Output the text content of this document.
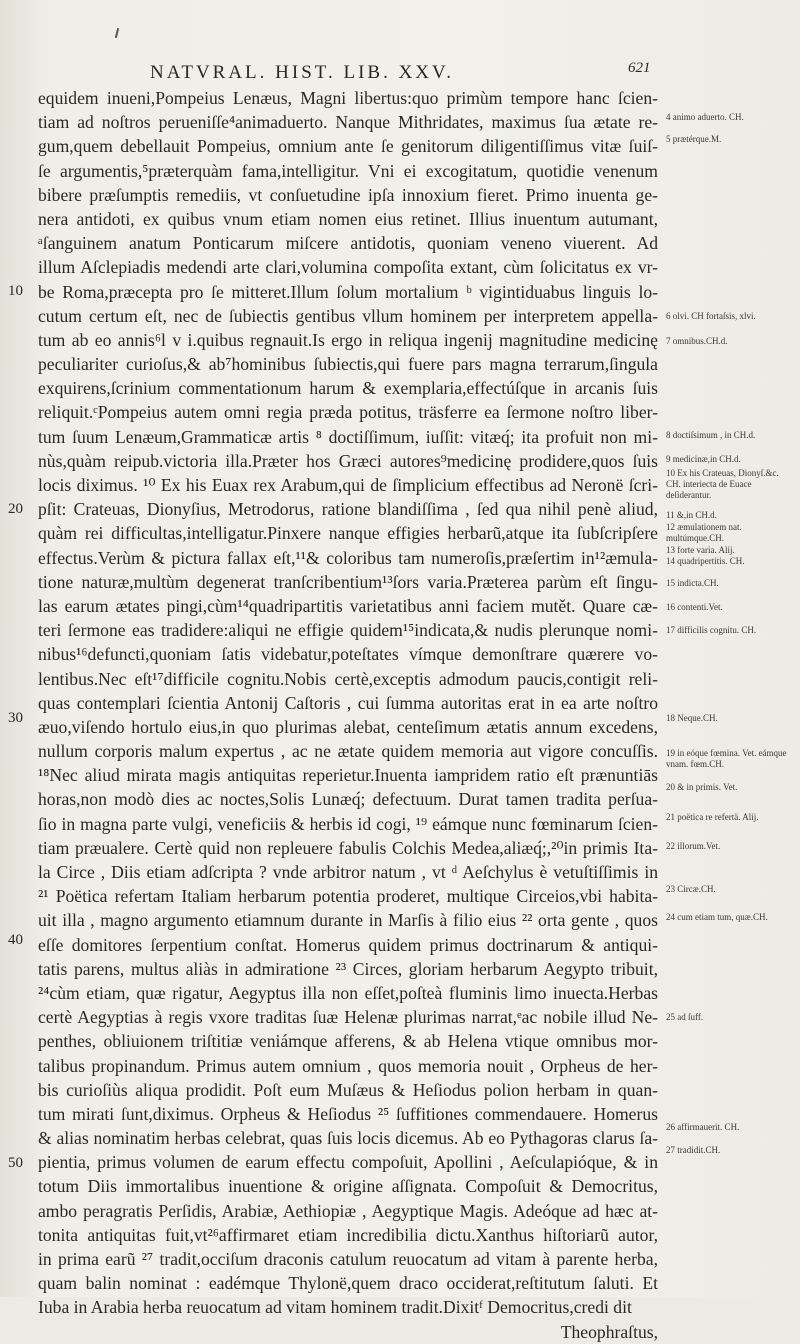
NATVRAL. HIST. LIB. XXV.	621
10
20
30
40
50
equidem inueni,Pompeius Lenæus, Magni libertus:quo primùm tempore hanc ſcien-
tiam ad noſtros perueniſſe⁴animaduerto. Nanque Mithridates, maximus ſua ætate re-
gum,quem debellauit Pompeius, omnium ante ſe genitorum diligentiſſimus vitæ ſuiſ-
ſe argumentis,⁵præterquàm fama,intelligitur. Vni ei excogitatum, quotidie venenum
bibere præſumptis remediis, vt conſuetudine ipſa innoxium fieret. Primo inuenta ge-
nera antidoti, ex quibus vnum etiam nomen eius retinet. Illius inuentum autumant,
ᵃſanguinem anatum Ponticarum miſcere antidotis, quoniam veneno viuerent. Ad
illum Aſclepiadis medendi arte clari,volumina compoſita extant, cùm ſolicitatus ex vr-
be Roma,præcepta pro ſe mitteret.Illum ſolum mortalium ᵇ vigintiduabus linguis lo-
cutum certum eſt, nec de ſubiectis gentibus vllum hominem per interpretem appella-
tum ab eo annis⁶l v i.quibus regnauit.Is ergo in reliqua ingenij magnitudine medicinę
peculiariter curioſus,& ab⁷hominibus ſubiectis,qui fuere pars magna terrarum,ſingula
exquirens,ſcrinium commentationum harum & exemplaria,effectúſque in arcanis ſuis
reliquit.ᶜPompeius autem omni regia præda potitus, träsferre ea ſermone noſtro liber-
tum ſuum Lenæum,Grammaticæ artis ⁸ doctiſſimum, iuſſit: vitæq́; ita profuit non mi-
nùs,quàm reipub.victoria illa.Præter hos Græci autores⁹medicinę prodidere,quos ſuis
locis diximus. ¹⁰ Ex his Euax rex Arabum,qui de ſimplicium effectibus ad Neronë ſcri-
pſit: Crateuas, Dionyſius, Metrodorus, ratione blandiſſima , ſed qua nihil penè aliud,
quàm rei difficultas,intelligatur.Pinxere nanque effigies herbarũ,atque ita ſubſcripſere
effectus.Verùm & pictura fallax eſt,¹¹& coloribus tam numeroſis,præſertim in¹²æmula-
tione naturæ,multùm degenerat tranſcribentium¹³ſors varia.Præterea parùm eſt ſingu-
las earum ætates pingi,cùm¹⁴quadripartitis varietatibus anni faciem mutět. Quare cæ-
teri ſermone eas tradidere:aliqui ne effigie quidem¹⁵indicata,& nudis plerunque nomi-
nibus¹⁶defuncti,quoniam ſatis videbatur,poteſtates vímque demonſtrare quærere vo-
lentibus.Nec eſt¹⁷difficile cognitu.Nobis certè,exceptis admodum paucis,contigit reli-
quas contemplari ſcientia Antonij Caſtoris , cui ſumma autoritas erat in ea arte noſtro
æuo,viſendo hortulo eius,in quo plurimas alebat, centeſimum ætatis annum excedens,
nullum corporis malum expertus , ac ne ætate quidem memoria aut vigore concuſſis.
¹⁸Nec aliud mirata magis antiquitas reperietur.Inuenta iampridem ratio eſt prænuntiās
horas,non modò dies ac noctes,Solis Lunæq́; defectuum. Durat tamen tradita perſua-
ſio in magna parte vulgi, veneficiis & herbis id cogi, ¹⁹ eámque nunc fœminarum ſcien-
tiam præualere. Certè quid non repleuere fabulis Colchis Medea,aliæq́;,²⁰in primis Ita-
la Circe , Diis etiam adſcripta ? vnde arbitror natum , vt ᵈ Aeſchylus è vetuſtiſſimis in
²¹ Poëtica refertam Italiam herbarum potentia proderet, multique Circeios,vbi habita-
uit illa , magno argumento etiamnum durante in Marſis à filio eius ²² orta gente , quos
eſſe domitores ſerpentium conſtat. Homerus quidem primus doctrinarum & antiqui-
tatis parens, multus aliàs in admiratione ²³ Circes, gloriam herbarum Aegypto tribuit,
²⁴cùm etiam, quæ rigatur, Aegyptus illa non eſſet,poſteà fluminis limo inuecta.Herbas
certè Aegyptias à regis vxore traditas ſuæ Helenæ plurimas narrat,ᵉac nobile illud Ne-
penthes, obliuionem triſtitiæ veniámque afferens, & ab Helena vtique omnibus mor-
talibus propinandum. Primus autem omnium , quos memoria nouit , Orpheus de her-
bis curioſiùs aliqua prodidit. Poſt eum Muſæus & Heſiodus polion herbam in quan-
tum mirati ſunt,diximus. Orpheus & Heſiodus ²⁵ ſuffitiones commendauere. Homerus
& alias nominatim herbas celebrat, quas ſuis locis dicemus. Ab eo Pythagoras clarus ſa-
pientia, primus volumen de earum effectu compoſuit, Apollini , Aeſculapióque, & in
totum Diis immortalibus inuentione & origine aſſignata. Compoſuit & Democritus,
ambo peragratis Perſidis, Arabiæ, Aethiopiæ , Aegyptique Magis. Adeóque ad hæc at-
tonita antiquitas fuit,vt²⁶affirmaret etiam incredibilia dictu.Xanthus hiſtoriarũ autor,
in prima earũ ²⁷ tradit,occiſum draconis catulum reuocatum ad vitam à parente herba,
quam balin nominat : eadémque Thylonë,quem draco occiderat,reſtitutum ſaluti. Et
Iuba in Arabia herba reuocatum ad vitam hominem tradit.Dixitᶠ Democritus,credi dit
Theophraſtus,
4 animo aduerto. CH.
5 prætérque.M.
6 olvi. CH fortaſsis, xlvi.
7 omnibus.CH.d.
8 doctiſsimum , in CH.d.
9 medicinæ,in CH.d.
10 Ex his Crateuas, Dionyſ.&c. CH. interiecta de Euace deſiderantur.
11 &,in CH.d.
12 æmulationem nat. multúmque.CH.
13 forte varia. Alij.
14 quadripertitis. CH.
15 indicta.CH.
16 contenti.Vet.
17 difficilis cognitu. CH.
18 Neque.CH.
19 in eóque fœmina. Vet. eámque vnam. fœm.CH.
20 & in primis. Vet.
21 poëtica re refertä. Alij.
22 illorum.Vet.
23 Circæ.CH.
24 cum etiam tum, quæ.CH.
25 ad ſuff.
26 affirmauerit. CH.
27 tradidit.CH.
